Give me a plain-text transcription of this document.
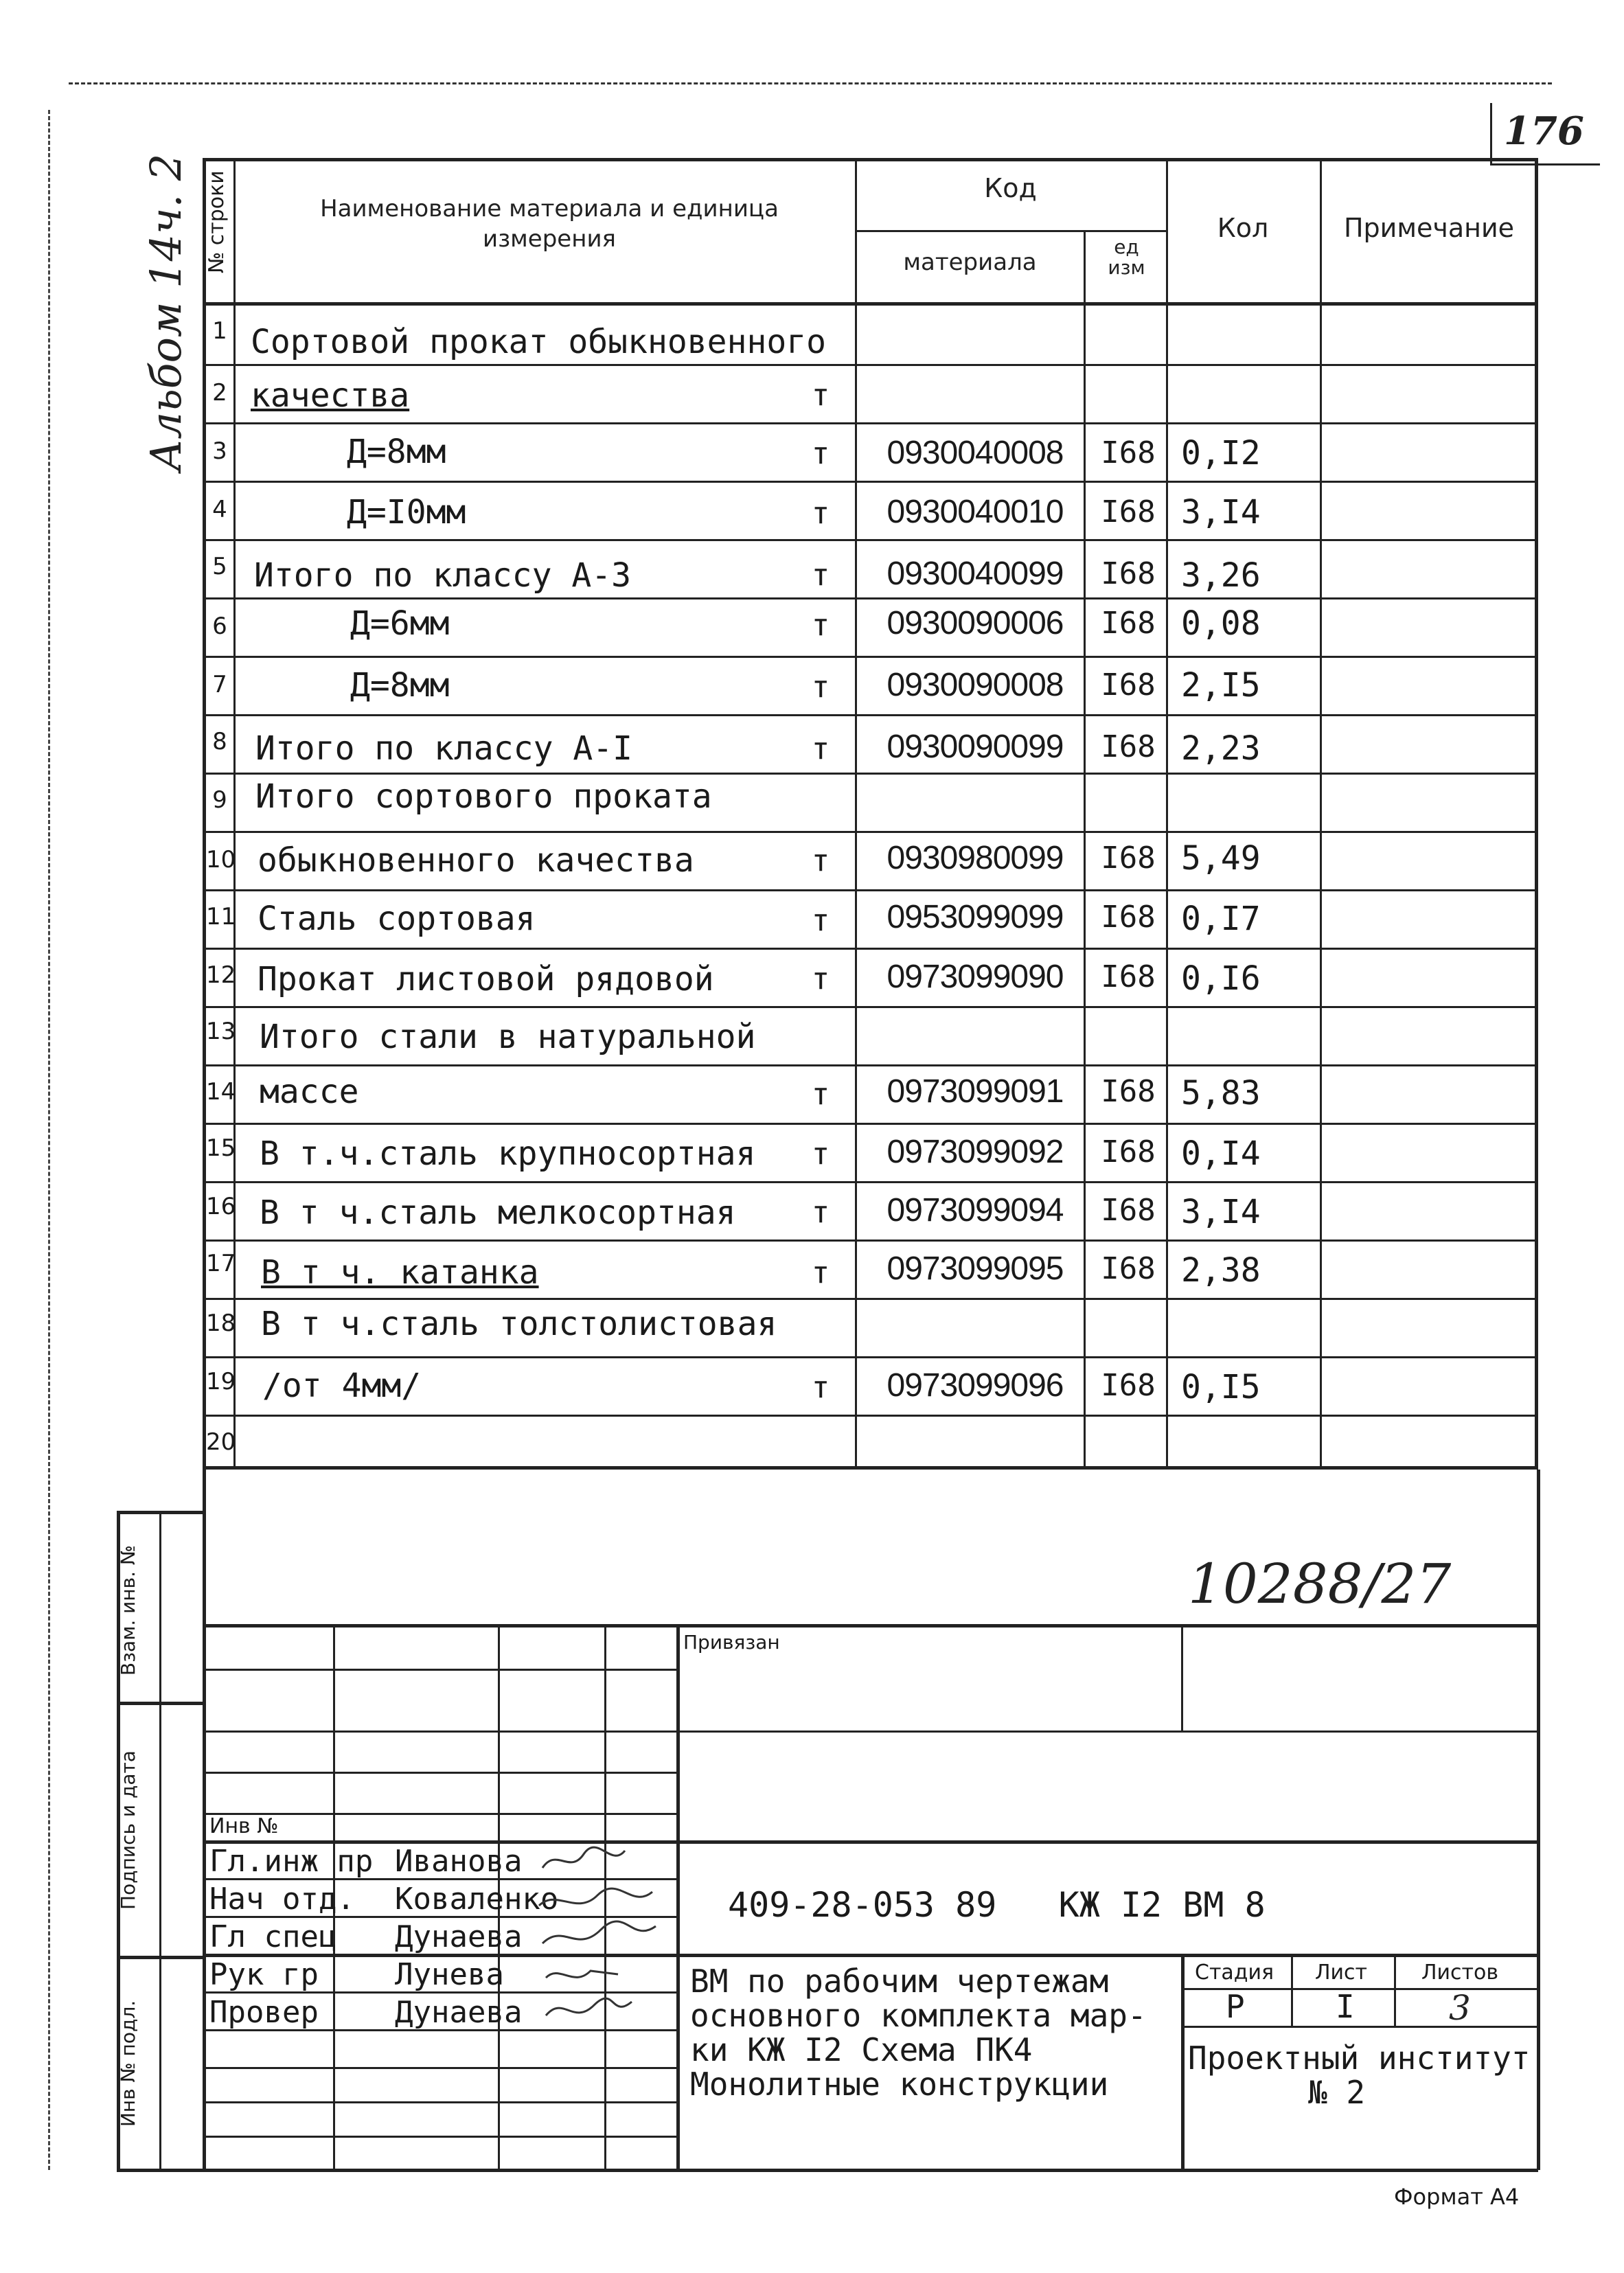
176
Альбом 14ч. 2 № строки	Наименование материала и единица измерения
Код
материала
ед изм
Кол	Примечание
1 Сортовой прокат обыкновенного
2 качества	т
3	Д=8мм	т	0930040008	I68 0,I2
4	Д=I0мм	т	0930040010	I68 3,I4
5 Итого по классу А-3	т	0930040099	I68 3,26
6	Д=6мм	т	0930090006	I68 0,08
7	Д=8мм	т	0930090008	I68 2,I5
8 Итого по классу А-I	т	0930090099	I68 2,23
9 Итого сортового проката
10 обыкновенного качества	т	0930980099	I68 5,49
11 Сталь сортовая	т	0953099099	I68 0,I7
12 Прокат листовой рядовой	т	0973099090	I68 0,I6
13 Итого стали в натуральной
14 массе	т	0973099091	I68 5,83
15 В т.ч.сталь крупносортная т	0973099092	I68 0,I4
16 В т ч.сталь мелкосортная	т	0973099094	I68 3,I4
17 В т ч. катанка	т	0973099095	I68 2,38
18 В т ч.сталь толстолистовая
19 /от 4мм/	т	0973099096	I68 0,I5
20
10288/27
Взам. инв. №
Подпись и дата
Инв № подл.
Привязан
Инв №
Гл.инж пр Иванова
Нач отд. Коваленко
Гл спец Дунаева
Рук гр	Лунева
Провер	Дунаева
409-28-053 89   КЖ I2 ВМ 8
ВМ по рабочим чертежам
основного комплекта мар-
ки КЖ I2 Схема ПК4
Монолитные конструкции
Стадия Лист	Листов
Р	I	3
Проектный институт
№ 2
Формат А4
